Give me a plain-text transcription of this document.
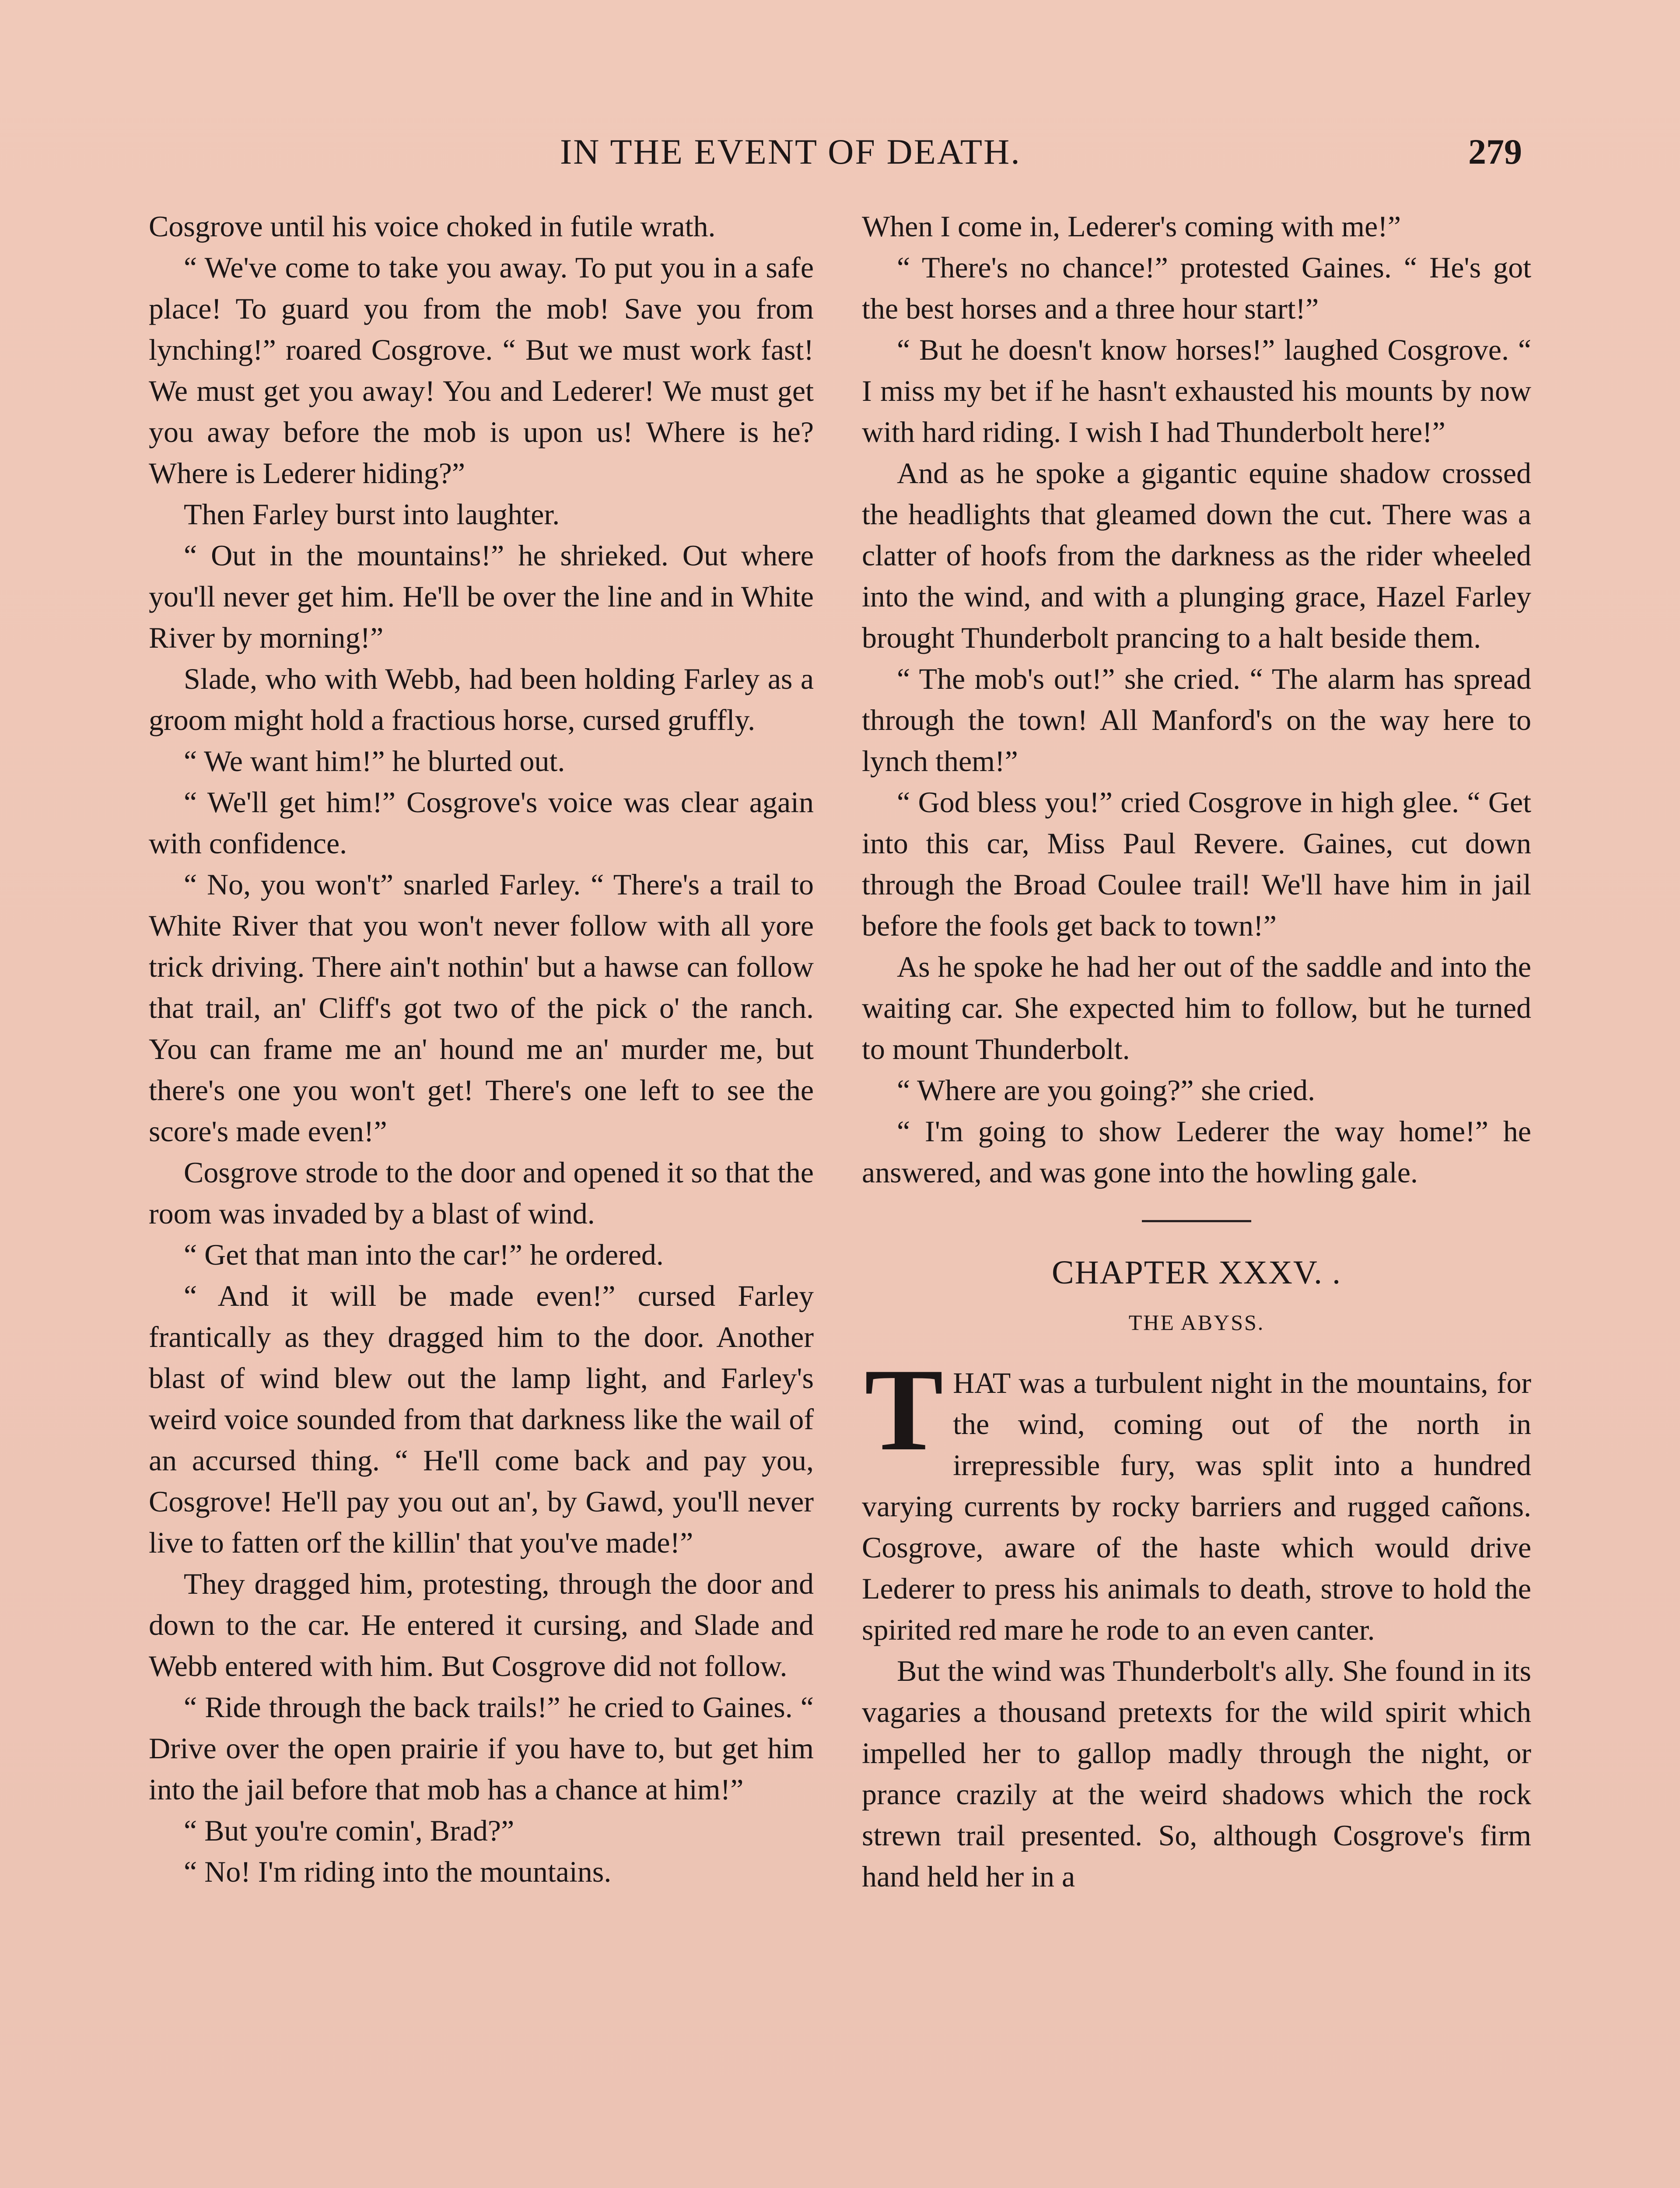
IN THE EVENT OF DEATH.	279

Cosgrove until his voice choked in futile wrath.

“ We've come to take you away. To put you in a safe place! To guard you from the mob! Save you from lynching!” roared Cosgrove. “ But we must work fast! We must get you away! You and Lederer! We must get you away before the mob is upon us! Where is he? Where is Lederer hiding?”

Then Farley burst into laughter.

“ Out in the mountains!” he shrieked. Out where you'll never get him. He'll be over the line and in White River by morning!”

Slade, who with Webb, had been holding Farley as a groom might hold a fractious horse, cursed gruffly.

“ We want him!” he blurted out.

“ We'll get him!” Cosgrove's voice was clear again with confidence.

“ No, you won't” snarled Farley. “ There's a trail to White River that you won't never follow with all yore trick driving. There ain't nothin' but a hawse can follow that trail, an' Cliff's got two of the pick o' the ranch. You can frame me an' hound me an' murder me, but there's one you won't get! There's one left to see the score's made even!”

Cosgrove strode to the door and opened it so that the room was invaded by a blast of wind.

“ Get that man into the car!” he ordered.

“ And it will be made even!” cursed Farley frantically as they dragged him to the door. Another blast of wind blew out the lamp light, and Farley's weird voice sounded from that darkness like the wail of an accursed thing. “ He'll come back and pay you, Cosgrove! He'll pay you out an', by Gawd, you'll never live to fatten orf the killin' that you've made!”

They dragged him, protesting, through the door and down to the car. He entered it cursing, and Slade and Webb entered with him. But Cosgrove did not follow.

“ Ride through the back trails!” he cried to Gaines. “ Drive over the open prairie if you have to, but get him into the jail before that mob has a chance at him!”

“ But you're comin', Brad?”

“ No! I'm riding into the mountains.

When I come in, Lederer's coming with me!”

“ There's no chance!” protested Gaines. “ He's got the best horses and a three hour start!”

“ But he doesn't know horses!” laughed Cosgrove. “ I miss my bet if he hasn't exhausted his mounts by now with hard riding. I wish I had Thunderbolt here!”

And as he spoke a gigantic equine shadow crossed the headlights that gleamed down the cut. There was a clatter of hoofs from the darkness as the rider wheeled into the wind, and with a plunging grace, Hazel Farley brought Thunderbolt prancing to a halt beside them.

“ The mob's out!” she cried. “ The alarm has spread through the town! All Manford's on the way here to lynch them!”

“ God bless you!” cried Cosgrove in high glee. “ Get into this car, Miss Paul Revere. Gaines, cut down through the Broad Coulee trail! We'll have him in jail before the fools get back to town!”

As he spoke he had her out of the saddle and into the waiting car. She expected him to follow, but he turned to mount Thunderbolt.

“ Where are you going?” she cried.

“ I'm going to show Lederer the way home!” he answered, and was gone into the howling gale.

CHAPTER XXXV. .
THE ABYSS.

THAT was a turbulent night in the mountains, for the wind, coming out of the north in irrepressible fury, was split into a hundred varying currents by rocky barriers and rugged cañons. Cosgrove, aware of the haste which would drive Lederer to press his animals to death, strove to hold the spirited red mare he rode to an even canter.

But the wind was Thunderbolt's ally. She found in its vagaries a thousand pretexts for the wild spirit which impelled her to gallop madly through the night, or prance crazily at the weird shadows which the rock strewn trail presented. So, although Cosgrove's firm hand held her in a
